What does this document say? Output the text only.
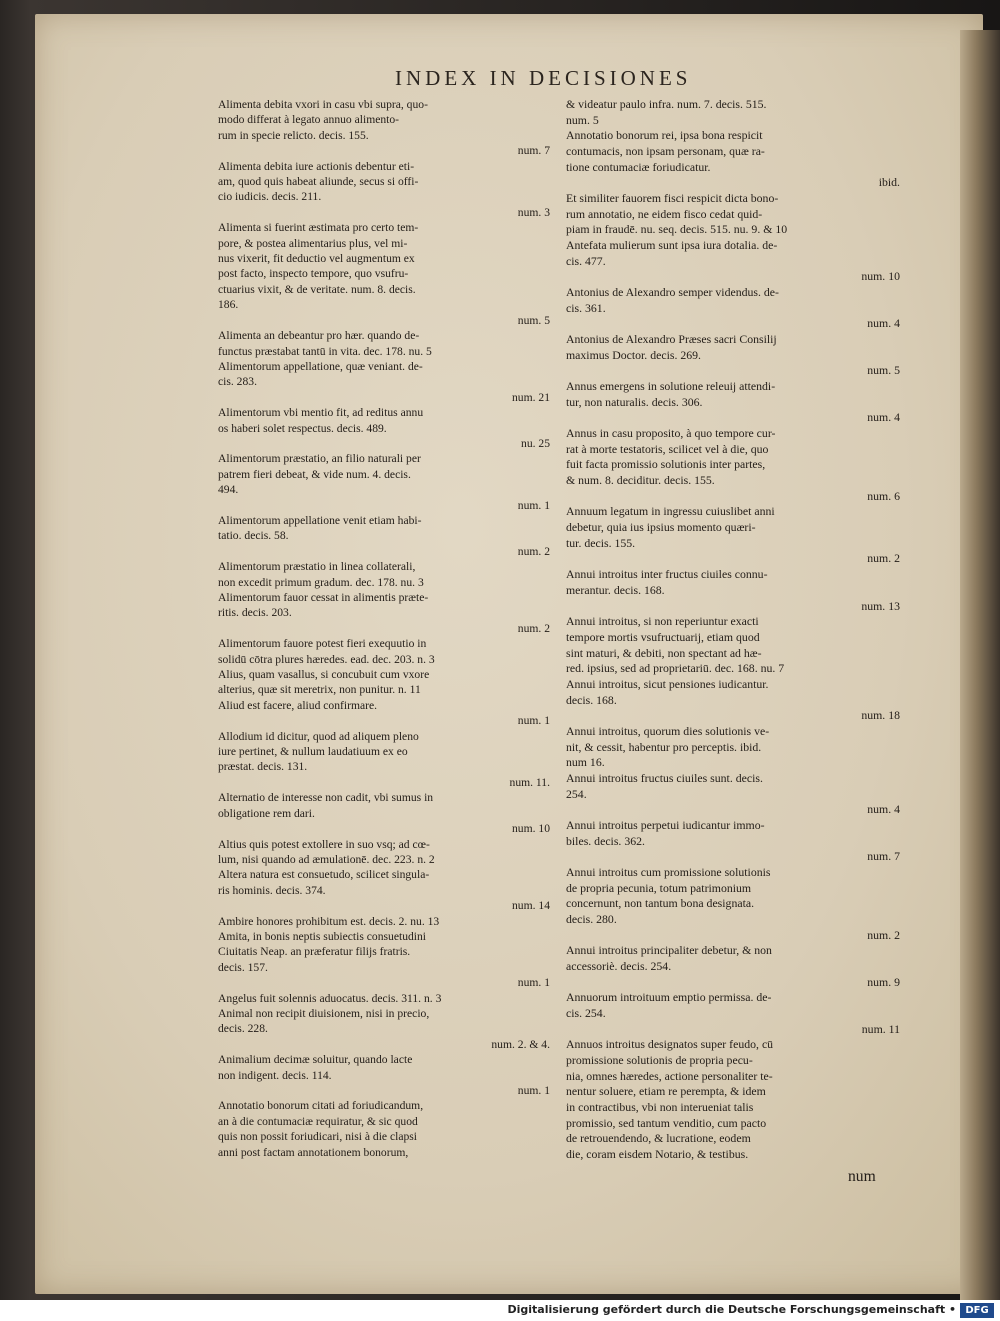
INDEX IN DECISIONES
Alimenta debita vxori in casu vbi supra, quo-
modo differat à legato annuo alimento-
rum in specie relicto. decis. 155.
num. 7
Alimenta debita iure actionis debentur eti-
am, quod quis habeat aliunde, secus si offi-
cio iudicis. decis. 211.
num. 3
Alimenta si fuerint æstimata pro certo tem-
pore, & postea alimentarius plus, vel mi-
nus vixerit, fit deductio vel augmentum ex
post facto, inspecto tempore, quo vsufru-
ctuarius vixit, & de veritate. num. 8. decis.
186.
num. 5
Alimenta an debeantur pro hær. quando de-
functus præstabat tantū in vita. dec. 178. nu. 5
Alimentorum appellatione, quæ veniant. de-
cis. 283.
num. 21
Alimentorum vbi mentio fit, ad reditus annu
os haberi solet respectus. decis. 489.
nu. 25
Alimentorum præstatio, an filio naturali per
patrem fieri debeat, & vide num. 4. decis.
494.
num. 1
Alimentorum appellatione venit etiam habi-
tatio. decis. 58.
num. 2
Alimentorum præstatio in linea collaterali,
non excedit primum gradum. dec. 178. nu. 3
Alimentorum fauor cessat in alimentis præte-
ritis. decis. 203.
num. 2
Alimentorum fauore potest fieri exequutio in
solidū cōtra plures hæredes. ead. dec. 203. n. 3
Alius, quam vasallus, si concubuit cum vxore
alterius, quæ sit meretrix, non punitur. n. 11
Aliud est facere, aliud confirmare.
num. 1
Allodium id dicitur, quod ad aliquem pleno
iure pertinet, & nullum laudatiuum ex eo
præstat. decis. 131.
num. 11.
Alternatio de interesse non cadit, vbi sumus in
obligatione rem dari.
num. 10
Altius quis potest extollere in suo vsq; ad cœ-
lum, nisi quando ad æmulationē. dec. 223. n. 2
Altera natura est consuetudo, scilicet singula-
ris hominis. decis. 374.
num. 14
Ambire honores prohibitum est. decis. 2. nu. 13
Amita, in bonis neptis subiectis consuetudini
Ciuitatis Neap. an præferatur filijs fratris.
decis. 157.
num. 1
Angelus fuit solennis aduocatus. decis. 311. n. 3
Animal non recipit diuisionem, nisi in precio,
decis. 228.
num. 2. & 4.
Animalium decimæ soluitur, quando lacte
non indigent. decis. 114.
num. 1
Annotatio bonorum citati ad foriudicandum,
an à die contumaciæ requiratur, & sic quod
quis non possit foriudicari, nisi à die clapsi
anni post factam annotationem bonorum,
& videatur paulo infra. num. 7. decis. 515.
num. 5
Annotatio bonorum rei, ipsa bona respicit
contumacis, non ipsam personam, quæ ra-
tione contumaciæ foriudicatur.
ibid.
Et similiter fauorem fisci respicit dicta bono-
rum annotatio, ne eidem fisco cedat quid-
piam in fraudē. nu. seq. decis. 515. nu. 9. & 10
Antefata mulierum sunt ipsa iura dotalia. de-
cis. 477.
num. 10
Antonius de Alexandro semper videndus. de-
cis. 361.
num. 4
Antonius de Alexandro Præses sacri Consilij
maximus Doctor. decis. 269.
num. 5
Annus emergens in solutione releuij attendi-
tur, non naturalis. decis. 306.
num. 4
Annus in casu proposito, à quo tempore cur-
rat à morte testatoris, scilicet vel à die, quo
fuit facta promissio solutionis inter partes,
& num. 8. deciditur. decis. 155.
num. 6
Annuum legatum in ingressu cuiuslibet anni
debetur, quia ius ipsius momento quæri-
tur. decis. 155.
num. 2
Annui introitus inter fructus ciuiles connu-
merantur. decis. 168.
num. 13
Annui introitus, si non reperiuntur exacti
tempore mortis vsufructuarij, etiam quod
sint maturi, & debiti, non spectant ad hæ-
red. ipsius, sed ad proprietariū. dec. 168. nu. 7
Annui introitus, sicut pensiones iudicantur.
decis. 168.
num. 18
Annui introitus, quorum dies solutionis ve-
nit, & cessit, habentur pro perceptis. ibid.
num 16.
Annui introitus fructus ciuiles sunt. decis.
254.
num. 4
Annui introitus perpetui iudicantur immo-
biles. decis. 362.
num. 7
Annui introitus cum promissione solutionis
de propria pecunia, totum patrimonium
concernunt, non tantum bona designata.
decis. 280.
num. 2
Annui introitus principaliter debetur, & non
accessoriè. decis. 254.
num. 9
Annuorum introituum emptio permissa. de-
cis. 254.
num. 11
Annuos introitus designatos super feudo, cū
promissione solutionis de propria pecu-
nia, omnes hæredes, actione personaliter te-
nentur soluere, etiam re perempta, & idem
in contractibus, vbi non interueniat talis
promissio, sed tantum venditio, cum pacto
de retrouendendo, & lucratione, eodem
die, coram eisdem Notario, & testibus.
num
Digitalisierung gefördert durch die Deutsche Forschungsgemeinschaft • DFG
